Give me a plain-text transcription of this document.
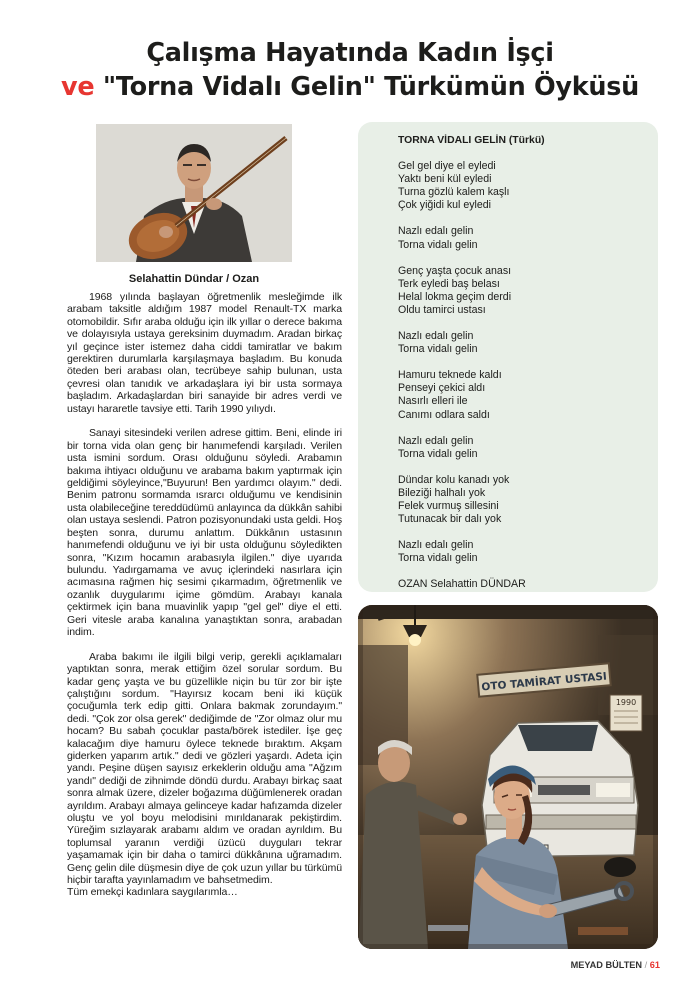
Çalışma Hayatında Kadın İşçi
ve "Torna Vidalı Gelin" Türkümün Öyküsü
Selahattin Dündar / Ozan

1968 yılında başlayan öğretmenlik mesleğimde ilk arabam taksitle aldığım 1987 model Renault-TX marka otomobildir. Sıfır araba olduğu için ilk yıllar o derece bakıma ve dolayısıyla ustaya gereksinim duymadım. Aradan birkaç yıl geçince ister istemez daha ciddi tamiratlar ve bakım gerektiren durumlarla karşılaşmaya başladım. Bu konuda öteden beri arabası olan, tecrübeye sahip bulunan, usta çevresi olan tanıdık ve arkadaşlara iyi bir usta sormaya başladım. Arkadaşlardan biri sanayide bir adres verdi ve ustayı hararetle tavsiye etti. Tarih 1990 yılıydı.

Sanayi sitesindeki verilen adrese gittim. Beni, elinde iri bir torna vida olan genç bir hanımefendi karşıladı. Verilen usta ismini sordum. Orası olduğunu söyledi. Arabamın bakıma ihtiyacı olduğunu ve arabama bakım yaptırmak için geldiğimi söyleyince,"Buyurun! Ben yardımcı olayım." dedi. Benim patronu sormamda ısrarcı olduğumu ve kendisinin usta olabileceğine tereddüdümü anlayınca da dükkân sahibi olan ustaya seslendi. Patron pozisyonundaki usta geldi. Hoş beşten sonra, durumu anlattım. Dükkânın ustasının hanımefendi olduğunu ve iyi bir usta olduğunu söyledikten sonra, "Kızım hocamın arabasıyla ilgilen." diye uyarıda bulundu. Yadırgamama ve avuç içlerindeki nasırlara için acımasına rağmen hiç sesimi çıkarmadım, öğretmenlik ve ozanlık duygularımı içime gömdüm. Arabayı kanala çektirmek için bana muavinlik yapıp "gel gel" diye el etti. Geri vitesle araba kanalına yanaştıktan sonra, arabadan indim.

Araba bakımı ile ilgili bilgi verip, gerekli açıklamaları yaptıktan sonra, merak ettiğim özel sorular sordum. Bu kadar genç yaşta ve bu güzellikle niçin bu tür zor bir işte çalıştığını sordum. "Hayırsız kocam beni iki küçük çocuğumla terk edip gitti. Onlara bakmak zorundayım." dedi. "Çok zor olsa gerek" dediğimde de "Zor olmaz olur mu hocam? Bu sabah çocuklar pasta/börek istediler. İşe geç kalacağım diye hamuru öylece teknede bıraktım. Akşam giderken yaparım artık." dedi ve gözleri yaşardı. Adeta için yandı. Peşine düşen sayısız erkeklerin olduğu ama "Ağzım yandı" dediği de zihnimde döndü durdu. Arabayı birkaç saat sonra almak üzere, dizeler boğazıma düğümlenerek oradan ayrıldım. Arabayı almaya gelinceye kadar hafızamda dizeler oluştu ve yol boyu melodisini mırıldanarak pekiştirdim. Yüreğim sızlayarak arabamı aldım ve oradan ayrıldım. Bu toplumsal yaranın verdiği üzücü duyguları tekrar yaşamamak için bir daha o tamirci dükkânına uğramadım. Genç gelin dile düşmesin diye de çok uzun yıllar bu türkümü hiçbir tarafta yayınlamadım ve bahsetmedim.

Tüm emekçi kadınlara saygılarımla…

TORNA VİDALI GELİN (Türkü)
Gel gel diye el eyledi
Yaktı beni kül eyledi
Turna gözlü kalem kaşlı
Çok yiğidi kul eyledi
Nazlı edalı gelin
Torna vidalı gelin
Genç yaşta çocuk anası
Terk eyledi baş belası
Helal lokma geçim derdi
Oldu tamirci ustası
Nazlı edalı gelin
Torna vidalı gelin
Hamuru teknede kaldı
Penseyi çekici aldı
Nasırlı elleri ile
Canımı odlara saldı
Nazlı edalı gelin
Torna vidalı gelin
Dündar kolu kanadı yok
Bileziği halhalı yok
Felek vurmuş sillesini
Tutunacak bir dalı yok
Nazlı edalı gelin
Torna vidalı gelin
OZAN Selahattin DÜNDAR
OTO TAMİRAT USTASI
1990
MEYAD BÜLTEN / 61
